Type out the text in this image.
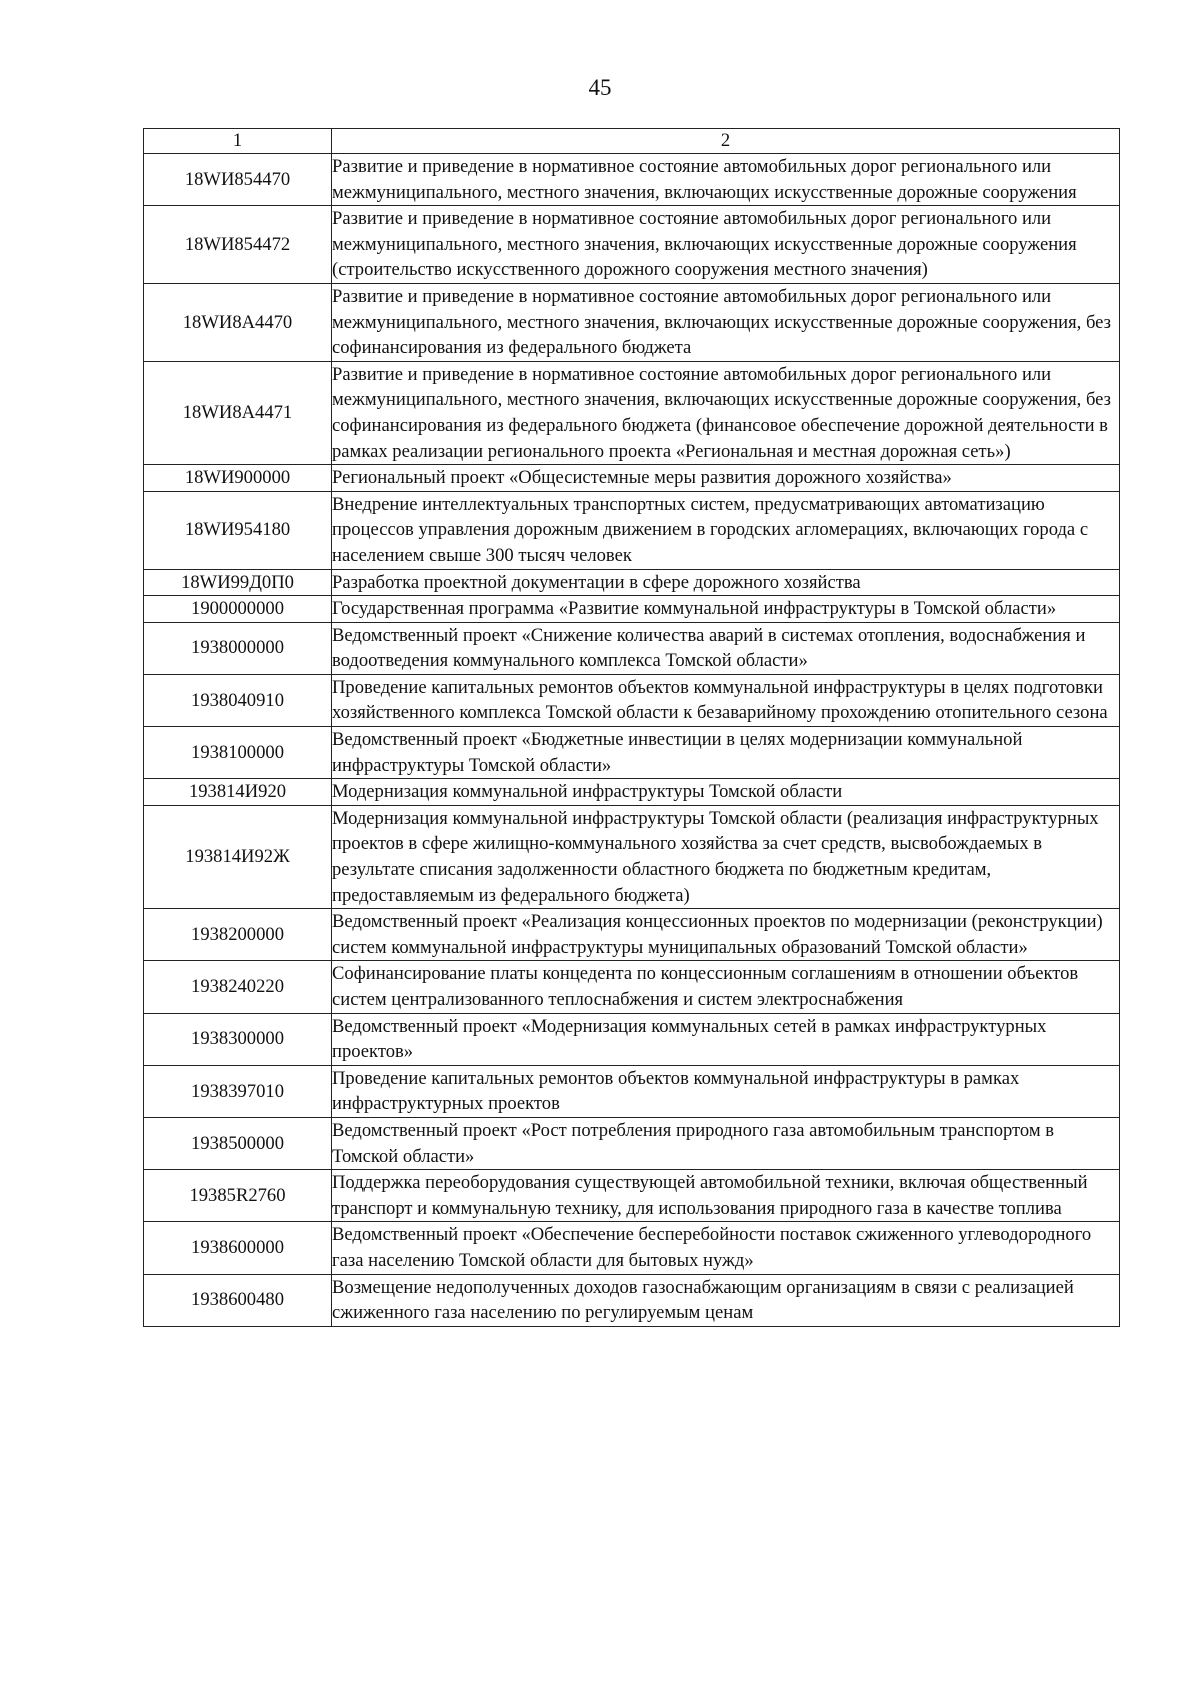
45
1	2
18WИ854470	Развитие и приведение в нормативное состояние автомобильных дорог регионального или межмуниципального, местного значения, включающих искусственные дорожные сооружения
18WИ854472	Развитие и приведение в нормативное состояние автомобильных дорог регионального или межмуниципального, местного значения, включающих искусственные дорожные сооружения (строительство искусственного дорожного сооружения местного значения)
18WИ8А4470	Развитие и приведение в нормативное состояние автомобильных дорог регионального или межмуниципального, местного значения, включающих искусственные дорожные сооружения, без софинансирования из федерального бюджета
18WИ8А4471	Развитие и приведение в нормативное состояние автомобильных дорог регионального или межмуниципального, местного значения, включающих искусственные дорожные сооружения, без софинансирования из федерального бюджета (финансовое обеспечение дорожной деятельности в рамках реализации регионального проекта «Региональная и местная дорожная сеть»)
18WИ900000	Региональный проект «Общесистемные меры развития дорожного хозяйства»
18WИ954180	Внедрение интеллектуальных транспортных систем, предусматривающих автоматизацию процессов управления дорожным движением в городских агломерациях, включающих города с населением свыше 300 тысяч человек
18WИ99Д0П0	Разработка проектной документации в сфере дорожного хозяйства
1900000000	Государственная программа «Развитие коммунальной инфраструктуры в Томской области»
1938000000	Ведомственный проект «Снижение количества аварий в системах отопления, водоснабжения и водоотведения коммунального комплекса Томской области»
1938040910	Проведение капитальных ремонтов объектов коммунальной инфраструктуры в целях подготовки хозяйственного комплекса Томской области к безаварийному прохождению отопительного сезона
1938100000	Ведомственный проект «Бюджетные инвестиции в целях модернизации коммунальной инфраструктуры Томской области»
193814И920	Модернизация коммунальной инфраструктуры Томской области
193814И92Ж	Модернизация коммунальной инфраструктуры Томской области (реализация инфраструктурных проектов в сфере жилищно-коммунального хозяйства за счет средств, высвобождаемых в результате списания задолженности областного бюджета по бюджетным кредитам, предоставляемым из федерального бюджета)
1938200000	Ведомственный проект «Реализация концессионных проектов по модернизации (реконструкции) систем коммунальной инфраструктуры муниципальных образований Томской области»
1938240220	Софинансирование платы концедента по концессионным соглашениям в отношении объектов систем централизованного теплоснабжения и систем электроснабжения
1938300000	Ведомственный проект «Модернизация коммунальных сетей в рамках инфраструктурных проектов»
1938397010	Проведение капитальных ремонтов объектов коммунальной инфраструктуры в рамках инфраструктурных проектов
1938500000	Ведомственный проект «Рост потребления природного газа автомобильным транспортом в Томской области»
19385R2760	Поддержка переоборудования существующей автомобильной техники, включая общественный транспорт и коммунальную технику, для использования природного газа в качестве топлива
1938600000	Ведомственный проект «Обеспечение бесперебойности поставок сжиженного углеводородного газа населению Томской области для бытовых нужд»
1938600480	Возмещение недополученных доходов газоснабжающим организациям в связи с реализацией сжиженного газа населению по регулируемым ценам
